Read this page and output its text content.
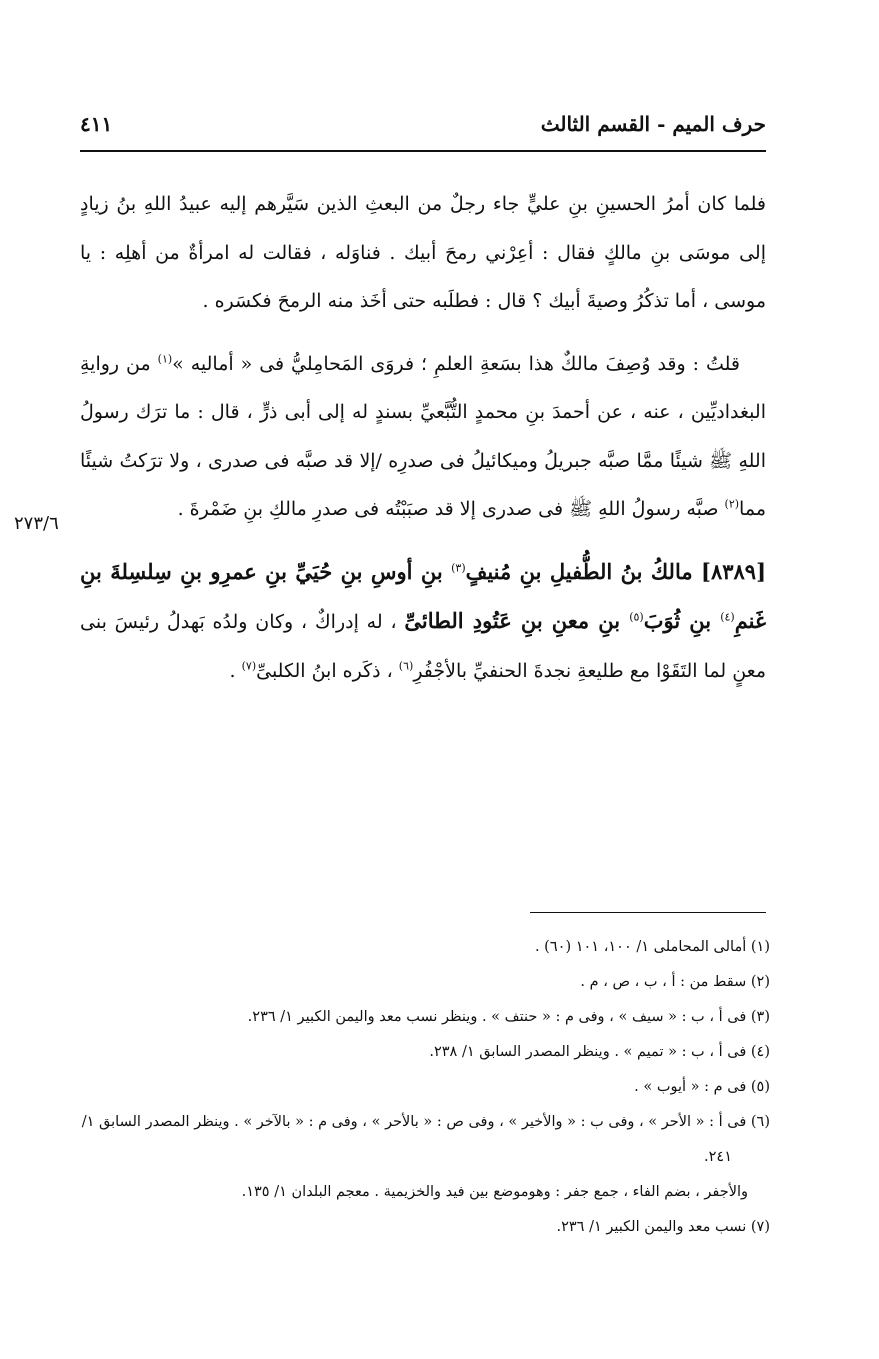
حرف الميم - القسم الثالث
٤١١
٢٧٣/٦

فلما كان أمرُ الحسينِ بنِ عليٍّ جاء رجلٌ من البعثِ الذين سَيَّرهم إليه عبيدُ اللهِ بنُ زيادٍ إلى موسَى بنِ مالكٍ فقال : أعِرْني رمحَ أبيك . فناوَله ، فقالت له امرأةٌ من أهلِه : يا موسى ، أما تذكُرُ وصيةَ أبيك ؟ قال : فطلَبه حتى أخَذ منه الرمحَ فكسَره .

قلتُ : وقد وُصِفَ مالكٌ هذا بسَعةِ العلمِ ؛ فروَى المَحامِليُّ فى « أماليه »$^{(١)}$ من روايةِ البغداديِّين ، عنه ، عن أحمدَ بنِ محمدٍ التُّبَّعيِّ بسندٍ له إلى أبى ذرٍّ ، قال : ما ترَك رسولُ اللهِ ﷺ شيئًا ممَّا صبَّه جبريلُ وميكائيلُ فى صدرِه /إلا قد صبَّه فى صدرى ، ولا ترَكتُ شيئًا مما$^{(٢)}$ صبَّه رسولُ اللهِ ﷺ فى صدرى إلا قد صبَبْتُه فى صدرِ مالكِ بنِ ضَمْرةَ .

[٨٣٨٩] مالكُ بنُ الطُّفيلِ بنِ مُنيفٍ$^{(٣)}$ بنِ أوسِ بنِ حُيَيِّ بنِ عمرِو بنِ سِلسِلةَ بنِ غَنمِ$^{(٤)}$ بنِ ثُوَبَ$^{(٥)}$ بنِ معنِ بنِ عَتُودِ الطائىِّ ، له إدراكٌ ، وكان ولدُه بَهدلُ رئيسَ بنى معنٍ لما التَقَوْا مع طليعةِ نجدةَ الحنفيِّ بالأجْفُرِ$^{(٦)}$ ، ذكَره ابنُ الكلبىِّ$^{(٧)}$ .

(١) أمالى المحاملى ١/ ١٠٠، ١٠١ (٦٠) .
(٢) سقط من : أ ، ب ، ص ، م .
(٣) فى أ ، ب : « سيف » ، وفى م : « حنتف » . وينظر نسب معد واليمن الكبير ١/ ٢٣٦.
(٤) فى أ ، ب : « تميم » . وينظر المصدر السابق ١/ ٢٣٨.
(٥) فى م : « أيوب » .
(٦) فى أ : « الأحر » ، وفى ب : « والأخير » ، وفى ص : « بالأحر » ، وفى م : « بالآخر » . وينظر المصدر السابق ١/ ٢٤١.
والأجفر ، بضم الفاء ، جمع جفر : وهوموضع بين فيد والخزيمية . معجم البلدان ١/ ١٣٥.
(٧) نسب معد واليمن الكبير ١/ ٢٣٦.
